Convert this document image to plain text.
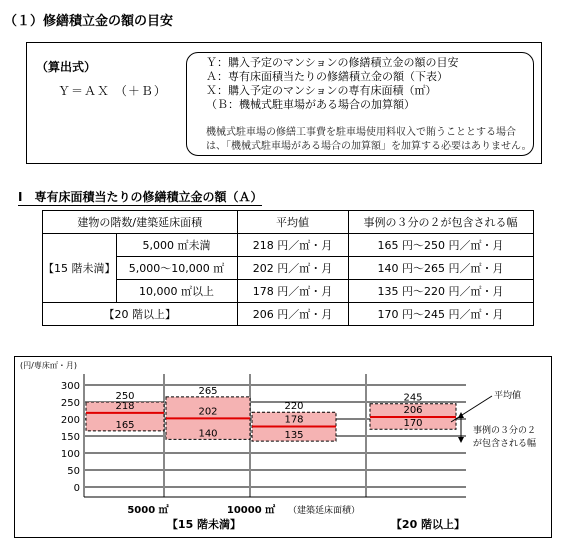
（１）修繕積立金の額の目安
（算出式）
Ｙ＝ＡＸ （＋Ｂ）
Ｙ：購入予定のマンションの修繕積立金の額の目安
Ａ：専有床面積当たりの修繕積立金の額（下表）
Ｘ：購入予定のマンションの専有床面積（㎡）
（Ｂ：機械式駐車場がある場合の加算額）
機械式駐車場の修繕工事費を駐車場使用料収入で賄うこととする場合
は、「機械式駐車場がある場合の加算額」を加算する必要はありません。
Ⅰ　専有床面積当たりの修繕積立金の額（Ａ）
建物の階数/建築延床面積		平均値	事例の３分の２が包含される幅
【15 階未満】	5,000 ㎡未満	218 円／㎡・月	165 円～250 円／㎡・月
	5,000～10,000 ㎡	202 円／㎡・月	140 円～265 円／㎡・月
	10,000 ㎡以上	178 円／㎡・月	135 円～220 円／㎡・月
【20 階以上】		206 円／㎡・月	170 円～245 円／㎡・月
(円/専床㎡・月)
0
50
100
150
200
250
300
250
218
165
265
202
140
220
178
135
245
206
170
5000 ㎡	10000 ㎡ （建築延床面積）
【15 階未満】	【20 階以上】
平均値
事例の３分の２
が包含される幅
